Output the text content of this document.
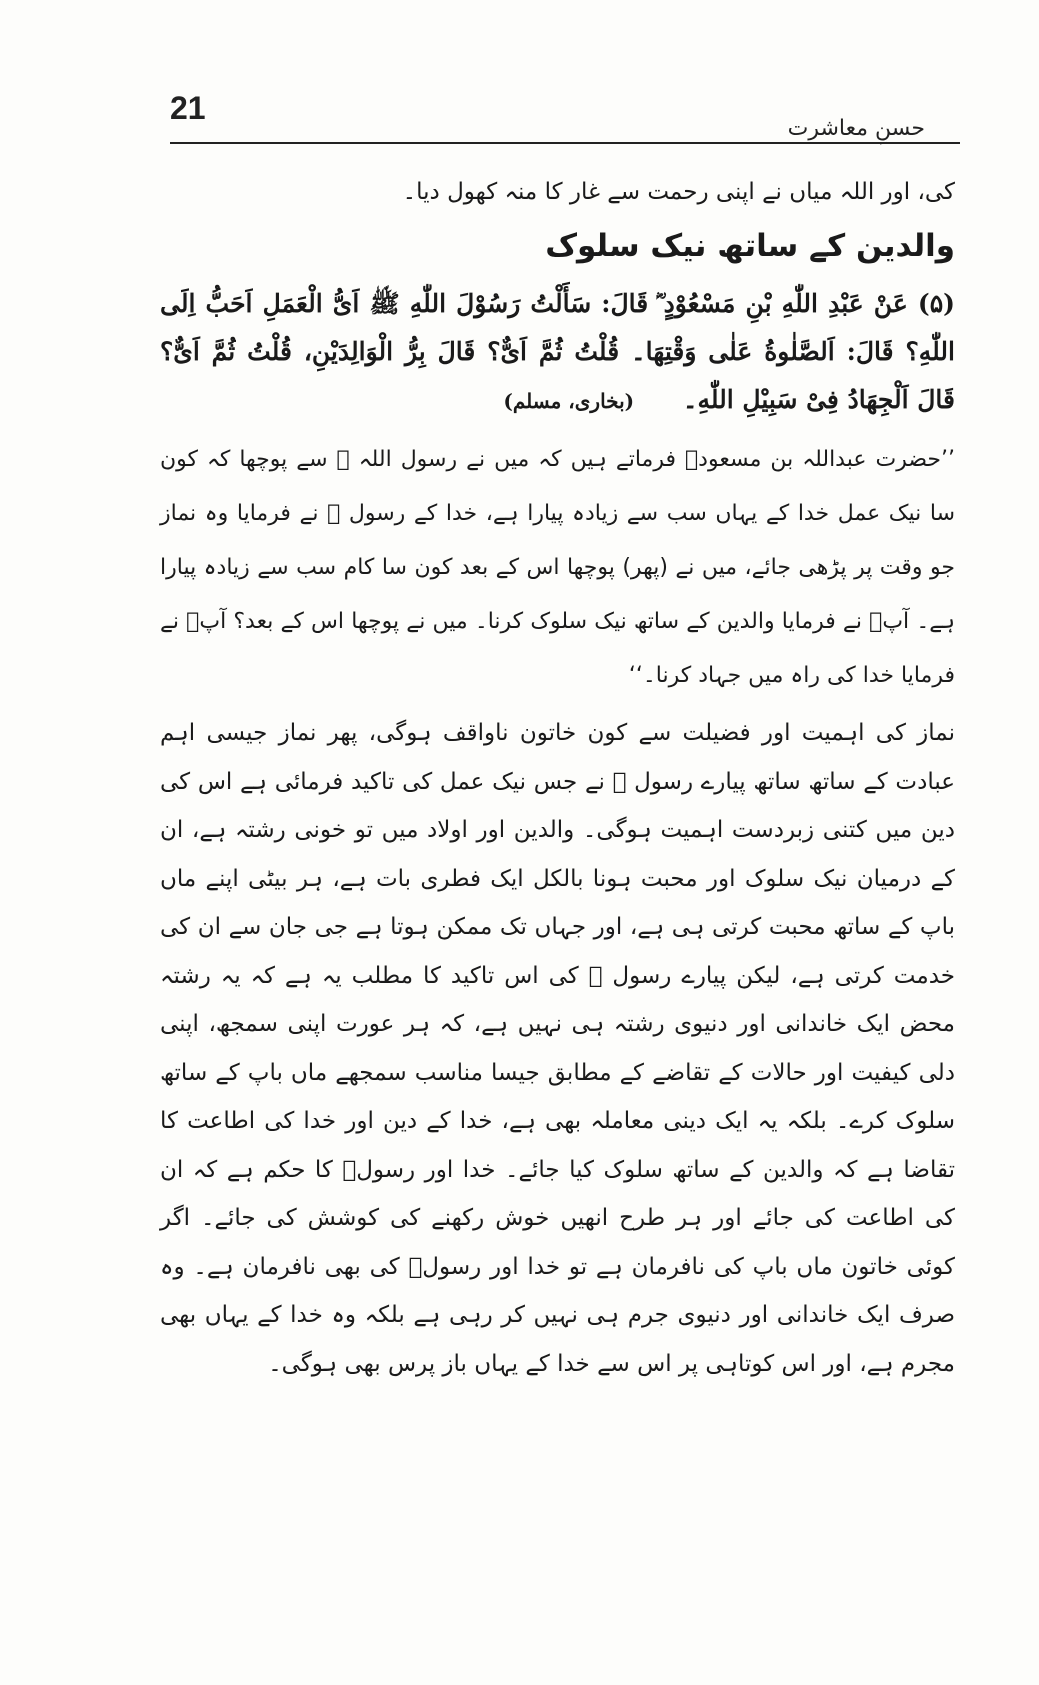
21
حسنِ معاشرت

کی، اور اللہ میاں نے اپنی رحمت سے غار کا منہ کھول دیا۔

والدین کے ساتھ نیک سلوک

(۵) عَنْ عَبْدِ اللّٰهِ بْنِ مَسْعُوْدٍ ؓ قَالَ: سَأَلْتُ رَسُوْلَ اللّٰهِ ﷺ اَیُّ الْعَمَلِ اَحَبُّ اِلَی اللّٰهِ؟ قَالَ: اَلصَّلٰوةُ عَلٰی وَقْتِهَا۔ قُلْتُ ثُمَّ اَیٌّ؟ قَالَ بِرُّ الْوَالِدَیْنِ، قُلْتُ ثُمَّ اَیٌّ؟ قَالَ اَلْجِهَادُ فِیْ سَبِیْلِ اللّٰهِ۔ (بخاری، مسلم)

’’حضرت عبداللہ بن مسعودؓ فرماتے ہیں کہ میں نے رسول اللہ ﷺ سے پوچھا کہ کون سا نیک عمل خدا کے یہاں سب سے زیادہ پیارا ہے، خدا کے رسول ﷺ نے فرمایا وہ نماز جو وقت پر پڑھی جائے، میں نے (پھر) پوچھا اس کے بعد کون سا کام سب سے زیادہ پیارا ہے۔ آپؐ نے فرمایا والدین کے ساتھ نیک سلوک کرنا۔ میں نے پوچھا اس کے بعد؟ آپؐ نے فرمایا خدا کی راہ میں جہاد کرنا۔‘‘

نماز کی اہمیت اور فضیلت سے کون خاتون ناواقف ہوگی، پھر نماز جیسی اہم عبادت کے ساتھ ساتھ پیارے رسول ﷺ نے جس نیک عمل کی تاکید فرمائی ہے اس کی دین میں کتنی زبردست اہمیت ہوگی۔ والدین اور اولاد میں تو خونی رشتہ ہے، ان کے درمیان نیک سلوک اور محبت ہونا بالکل ایک فطری بات ہے، ہر بیٹی اپنے ماں باپ کے ساتھ محبت کرتی ہی ہے، اور جہاں تک ممکن ہوتا ہے جی جان سے ان کی خدمت کرتی ہے، لیکن پیارے رسول ﷺ کی اس تاکید کا مطلب یہ ہے کہ یہ رشتہ محض ایک خاندانی اور دنیوی رشتہ ہی نہیں ہے، کہ ہر عورت اپنی سمجھ، اپنی دلی کیفیت اور حالات کے تقاضے کے مطابق جیسا مناسب سمجھے ماں باپ کے ساتھ سلوک کرے۔ بلکہ یہ ایک دینی معاملہ بھی ہے، خدا کے دین اور خدا کی اطاعت کا تقاضا ہے کہ والدین کے ساتھ سلوک کیا جائے۔ خدا اور رسولؐ کا حکم ہے کہ ان کی اطاعت کی جائے اور ہر طرح انھیں خوش رکھنے کی کوشش کی جائے۔ اگر کوئی خاتون ماں باپ کی نافرمان ہے تو خدا اور رسولؐ کی بھی نافرمان ہے۔ وہ صرف ایک خاندانی اور دنیوی جرم ہی نہیں کر رہی ہے بلکہ وہ خدا کے یہاں بھی مجرم ہے، اور اس کوتاہی پر اس سے خدا کے یہاں باز پرس بھی ہوگی۔
